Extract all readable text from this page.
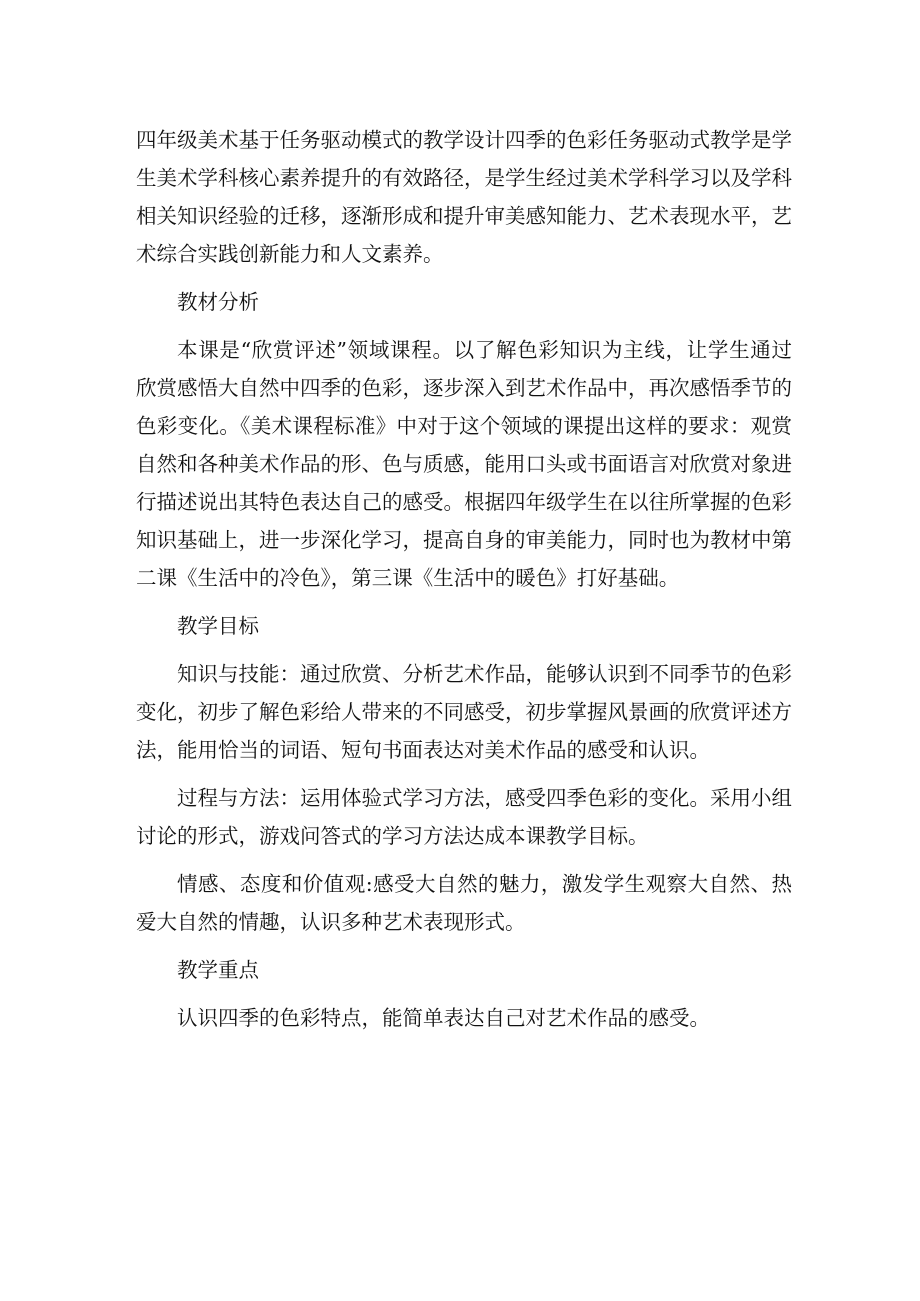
四年级美术基于任务驱动模式的教学设计四季的色彩任务驱动式教学是学生美术学科核心素养提升的有效路径，是学生经过美术学科学习以及学科相关知识经验的迁移，逐渐形成和提升审美感知能力、艺术表现水平，艺术综合实践创新能力和人文素养。

教材分析

本课是“欣赏评述”领域课程。以了解色彩知识为主线，让学生通过欣赏感悟大自然中四季的色彩，逐步深入到艺术作品中，再次感悟季节的色彩变化。《美术课程标准》中对于这个领域的课提出这样的要求：观赏自然和各种美术作品的形、色与质感，能用口头或书面语言对欣赏对象进行描述说出其特色表达自己的感受。根据四年级学生在以往所掌握的色彩知识基础上，进一步深化学习，提高自身的审美能力，同时也为教材中第二课《生活中的冷色》，第三课《生活中的暖色》打好基础。

教学目标

知识与技能：通过欣赏、分析艺术作品，能够认识到不同季节的色彩变化，初步了解色彩给人带来的不同感受，初步掌握风景画的欣赏评述方法，能用恰当的词语、短句书面表达对美术作品的感受和认识。

过程与方法：运用体验式学习方法，感受四季色彩的变化。采用小组讨论的形式，游戏问答式的学习方法达成本课教学目标。

情感、态度和价值观:感受大自然的魅力，激发学生观察大自然、热爱大自然的情趣，认识多种艺术表现形式。

教学重点

认识四季的色彩特点，能简单表达自己对艺术作品的感受。
